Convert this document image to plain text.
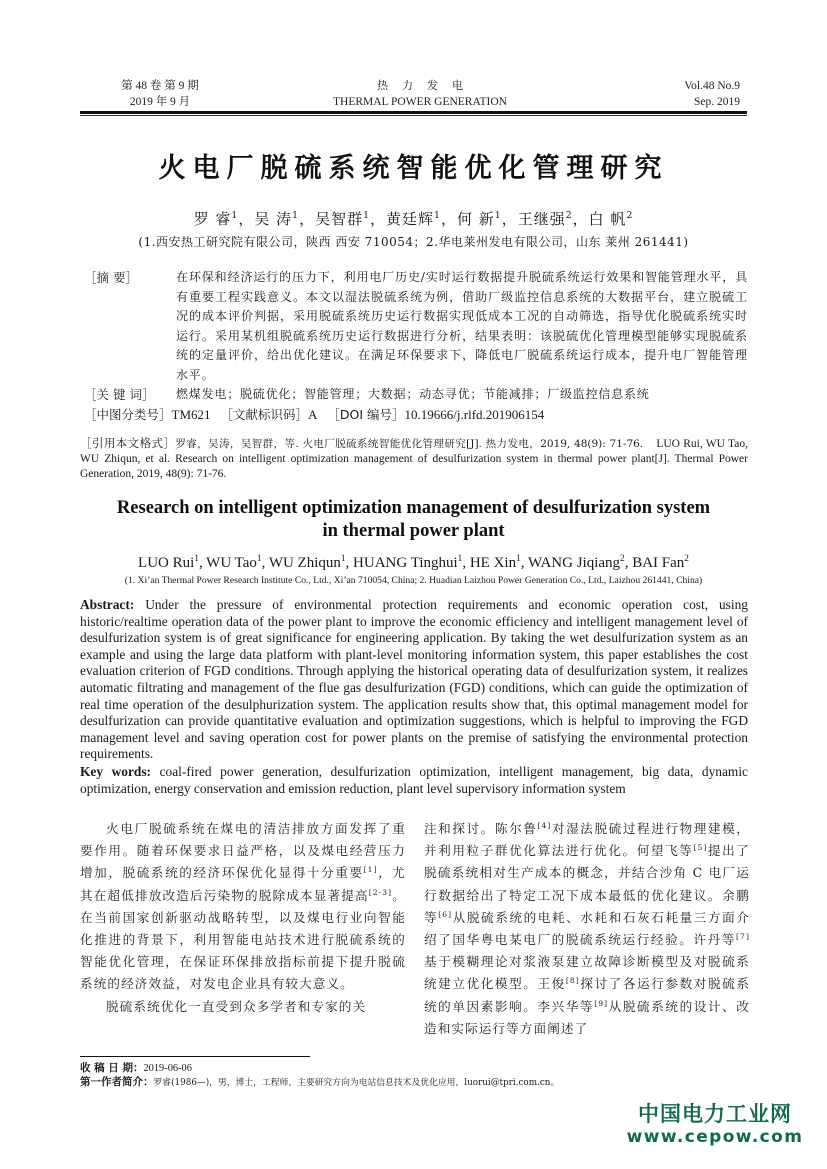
第 48 卷 第 9 期
2019 年 9 月
热力发电
THERMAL POWER GENERATION
Vol.48 No.9
Sep. 2019
火电厂脱硫系统智能优化管理研究
罗 睿$^1$，吴 涛$^1$，吴智群$^1$，黄廷辉$^1$，何 新$^1$，王继强$^2$，白 帆$^2$
(1.西安热工研究院有限公司，陕西 西安 710054；2.华电莱州发电有限公司，山东 莱州 261441)
［摘 要］	在环保和经济运行的压力下，利用电厂历史/实时运行数据提升脱硫系统运行效果和智能管理水平，具有重要工程实践意义。本文以湿法脱硫系统为例，借助厂级监控信息系统的大数据平台，建立脱硫工况的成本评价判据，采用脱硫系统历史运行数据实现低成本工况的自动筛选，指导优化脱硫系统实时运行。采用某机组脱硫系统历史运行数据进行分析，结果表明：该脱硫优化管理模型能够实现脱硫系统的定量评价，给出优化建议。在满足环保要求下，降低电厂脱硫系统运行成本，提升电厂智能管理水平。
［关 键 词］	燃煤发电；脱硫优化；智能管理；大数据；动态寻优；节能减排；厂级监控信息系统
［中图分类号］ TM621 ［文献标识码］ A ［DOI 编号］ 10.19666/j.rlfd.201906154
［引用本文格式］罗睿，吴涛，吴智群，等. 火电厂脱硫系统智能优化管理研究[J]. 热力发电，2019, 48(9): 71-76. LUO Rui, WU Tao, WU Zhiqun, et al. Research on intelligent optimization management of desulfurization system in thermal power plant[J]. Thermal Power Generation, 2019, 48(9): 71-76.
Research on intelligent optimization management of desulfurization system
in thermal power plant
LUO Rui$^1$, WU Tao$^1$, WU Zhiqun$^1$, HUANG Tinghui$^1$, HE Xin$^1$, WANG Jiqiang$^2$, BAI Fan$^2$
(1. Xi’an Thermal Power Research Institute Co., Ltd., Xi’an 710054, China; 2. Huadian Laizhou Power Generation Co., Ltd., Laizhou 261441, China)
Abstract: Under the pressure of environmental protection requirements and economic operation cost, using historic/realtime operation data of the power plant to improve the economic efficiency and intelligent management level of desulfurization system is of great significance for engineering application. By taking the wet desulfurization system as an example and using the large data platform with plant-level monitoring information system, this paper establishes the cost evaluation criterion of FGD conditions. Through applying the historical operating data of desulfurization system, it realizes automatic filtrating and management of the flue gas desulfurization (FGD) conditions, which can guide the optimization of real time operation of the desulphurization system. The application results show that, this optimal management model for desulfurization can provide quantitative evaluation and optimization suggestions, which is helpful to improving the FGD management level and saving operation cost for power plants on the premise of satisfying the environmental protection requirements.
Key words: coal-fired power generation, desulfurization optimization, intelligent management, big data, dynamic optimization, energy conservation and emission reduction, plant level supervisory information system

火电厂脱硫系统在煤电的清洁排放方面发挥了重要作用。随着环保要求日益严格，以及煤电经营压力增加，脱硫系统的经济环保优化显得十分重要[1]，尤其在超低排放改造后污染物的脱除成本显著提高[2-3]。在当前国家创新驱动战略转型，以及煤电行业向智能化推进的背景下，利用智能电站技术进行脱硫系统的智能优化管理，在保证环保排放指标前提下提升脱硫系统的经济效益，对发电企业具有较大意义。

脱硫系统优化一直受到众多学者和专家的关

注和探讨。陈尔鲁[4]对湿法脱硫过程进行物理建模，并利用粒子群优化算法进行优化。何望飞等[5]提出了脱硫系统相对生产成本的概念，并结合沙角 C 电厂运行数据给出了特定工况下成本最低的优化建议。余鹏等[6]从脱硫系统的电耗、水耗和石灰石耗量三方面介绍了国华粤电某电厂的脱硫系统运行经验。许丹等[7]基于模糊理论对浆液泵建立故障诊断模型及对脱硫系统建立优化模型。王俊[8]探讨了各运行参数对脱硫系统的单因素影响。李兴华等[9]从脱硫系统的设计、改造和实际运行等方面阐述了

收 稿 日 期：2019-06-06
第一作者简介：罗睿(1986—)，男，博士，工程师，主要研究方向为电站信息技术及优化应用，luorui@tpri.com.cn。
中国电力工业网
www.cepow.com
